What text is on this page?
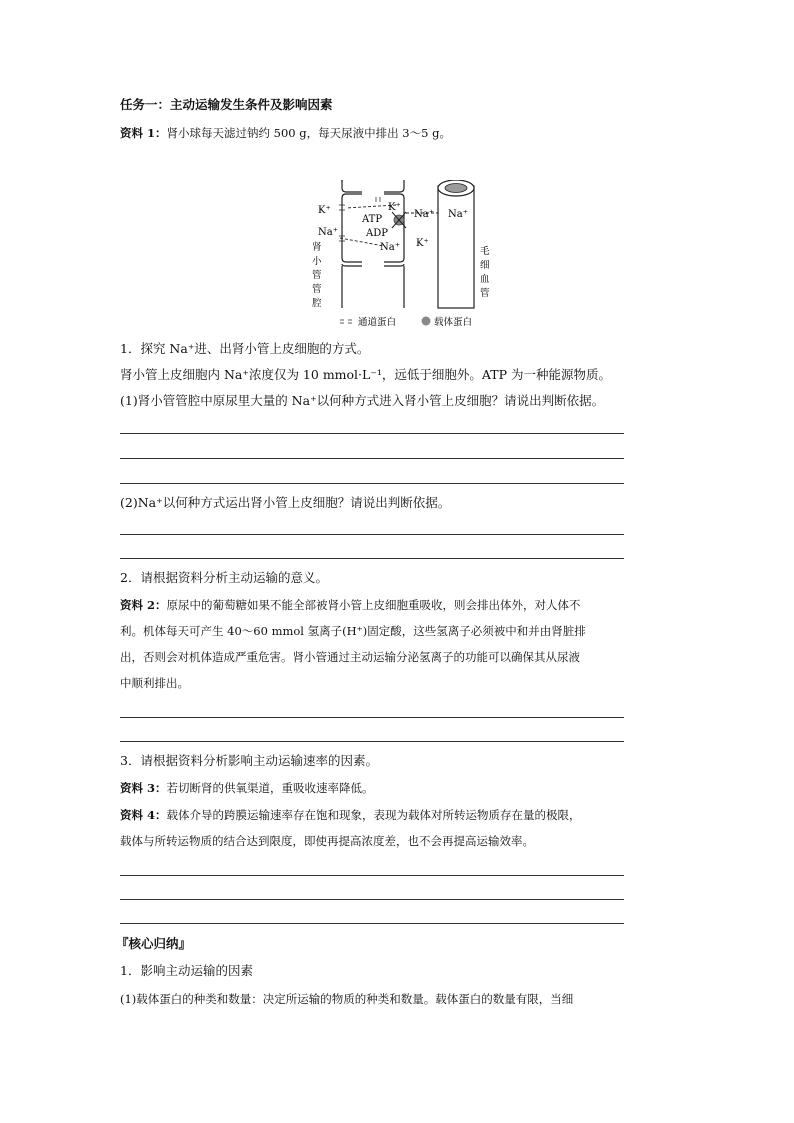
任务一：主动运输发生条件及影响因素
资料 1：肾小球每天滤过钠约 500 g，每天尿液中排出 3～5 g。
K⁺
Na⁺
K⁺
ATP
ADP
Na⁺
Na⁺ Na⁺
K⁺
肾
小
管
管
腔
毛
细
血
管
通道蛋白	载体蛋白
1．探究 Na⁺进、出肾小管上皮细胞的方式。
肾小管上皮细胞内 Na⁺浓度仅为 10 mmol·L⁻¹，远低于细胞外。ATP 为一种能源物质。
(1)肾小管管腔中原尿里大量的 Na⁺以何种方式进入肾小管上皮细胞？请说出判断依据。
(2)Na⁺以何种方式运出肾小管上皮细胞？请说出判断依据。
2．请根据资料分析主动运输的意义。
资料 2：原尿中的葡萄糖如果不能全部被肾小管上皮细胞重吸收，则会排出体外，对人体不
利。机体每天可产生 40～60 mmol 氢离子(H⁺)固定酸，这些氢离子必须被中和并由肾脏排
出，否则会对机体造成严重危害。肾小管通过主动运输分泌氢离子的功能可以确保其从尿液
中顺利排出。
3．请根据资料分析影响主动运输速率的因素。
资料 3：若切断肾的供氧渠道，重吸收速率降低。
资料 4：载体介导的跨膜运输速率存在饱和现象，表现为载体对所转运物质存在量的极限，
载体与所转运物质的结合达到限度，即使再提高浓度差，也不会再提高运输效率。
『核心归纳』
1．影响主动运输的因素
(1)载体蛋白的种类和数量：决定所运输的物质的种类和数量。载体蛋白的数量有限，当细
